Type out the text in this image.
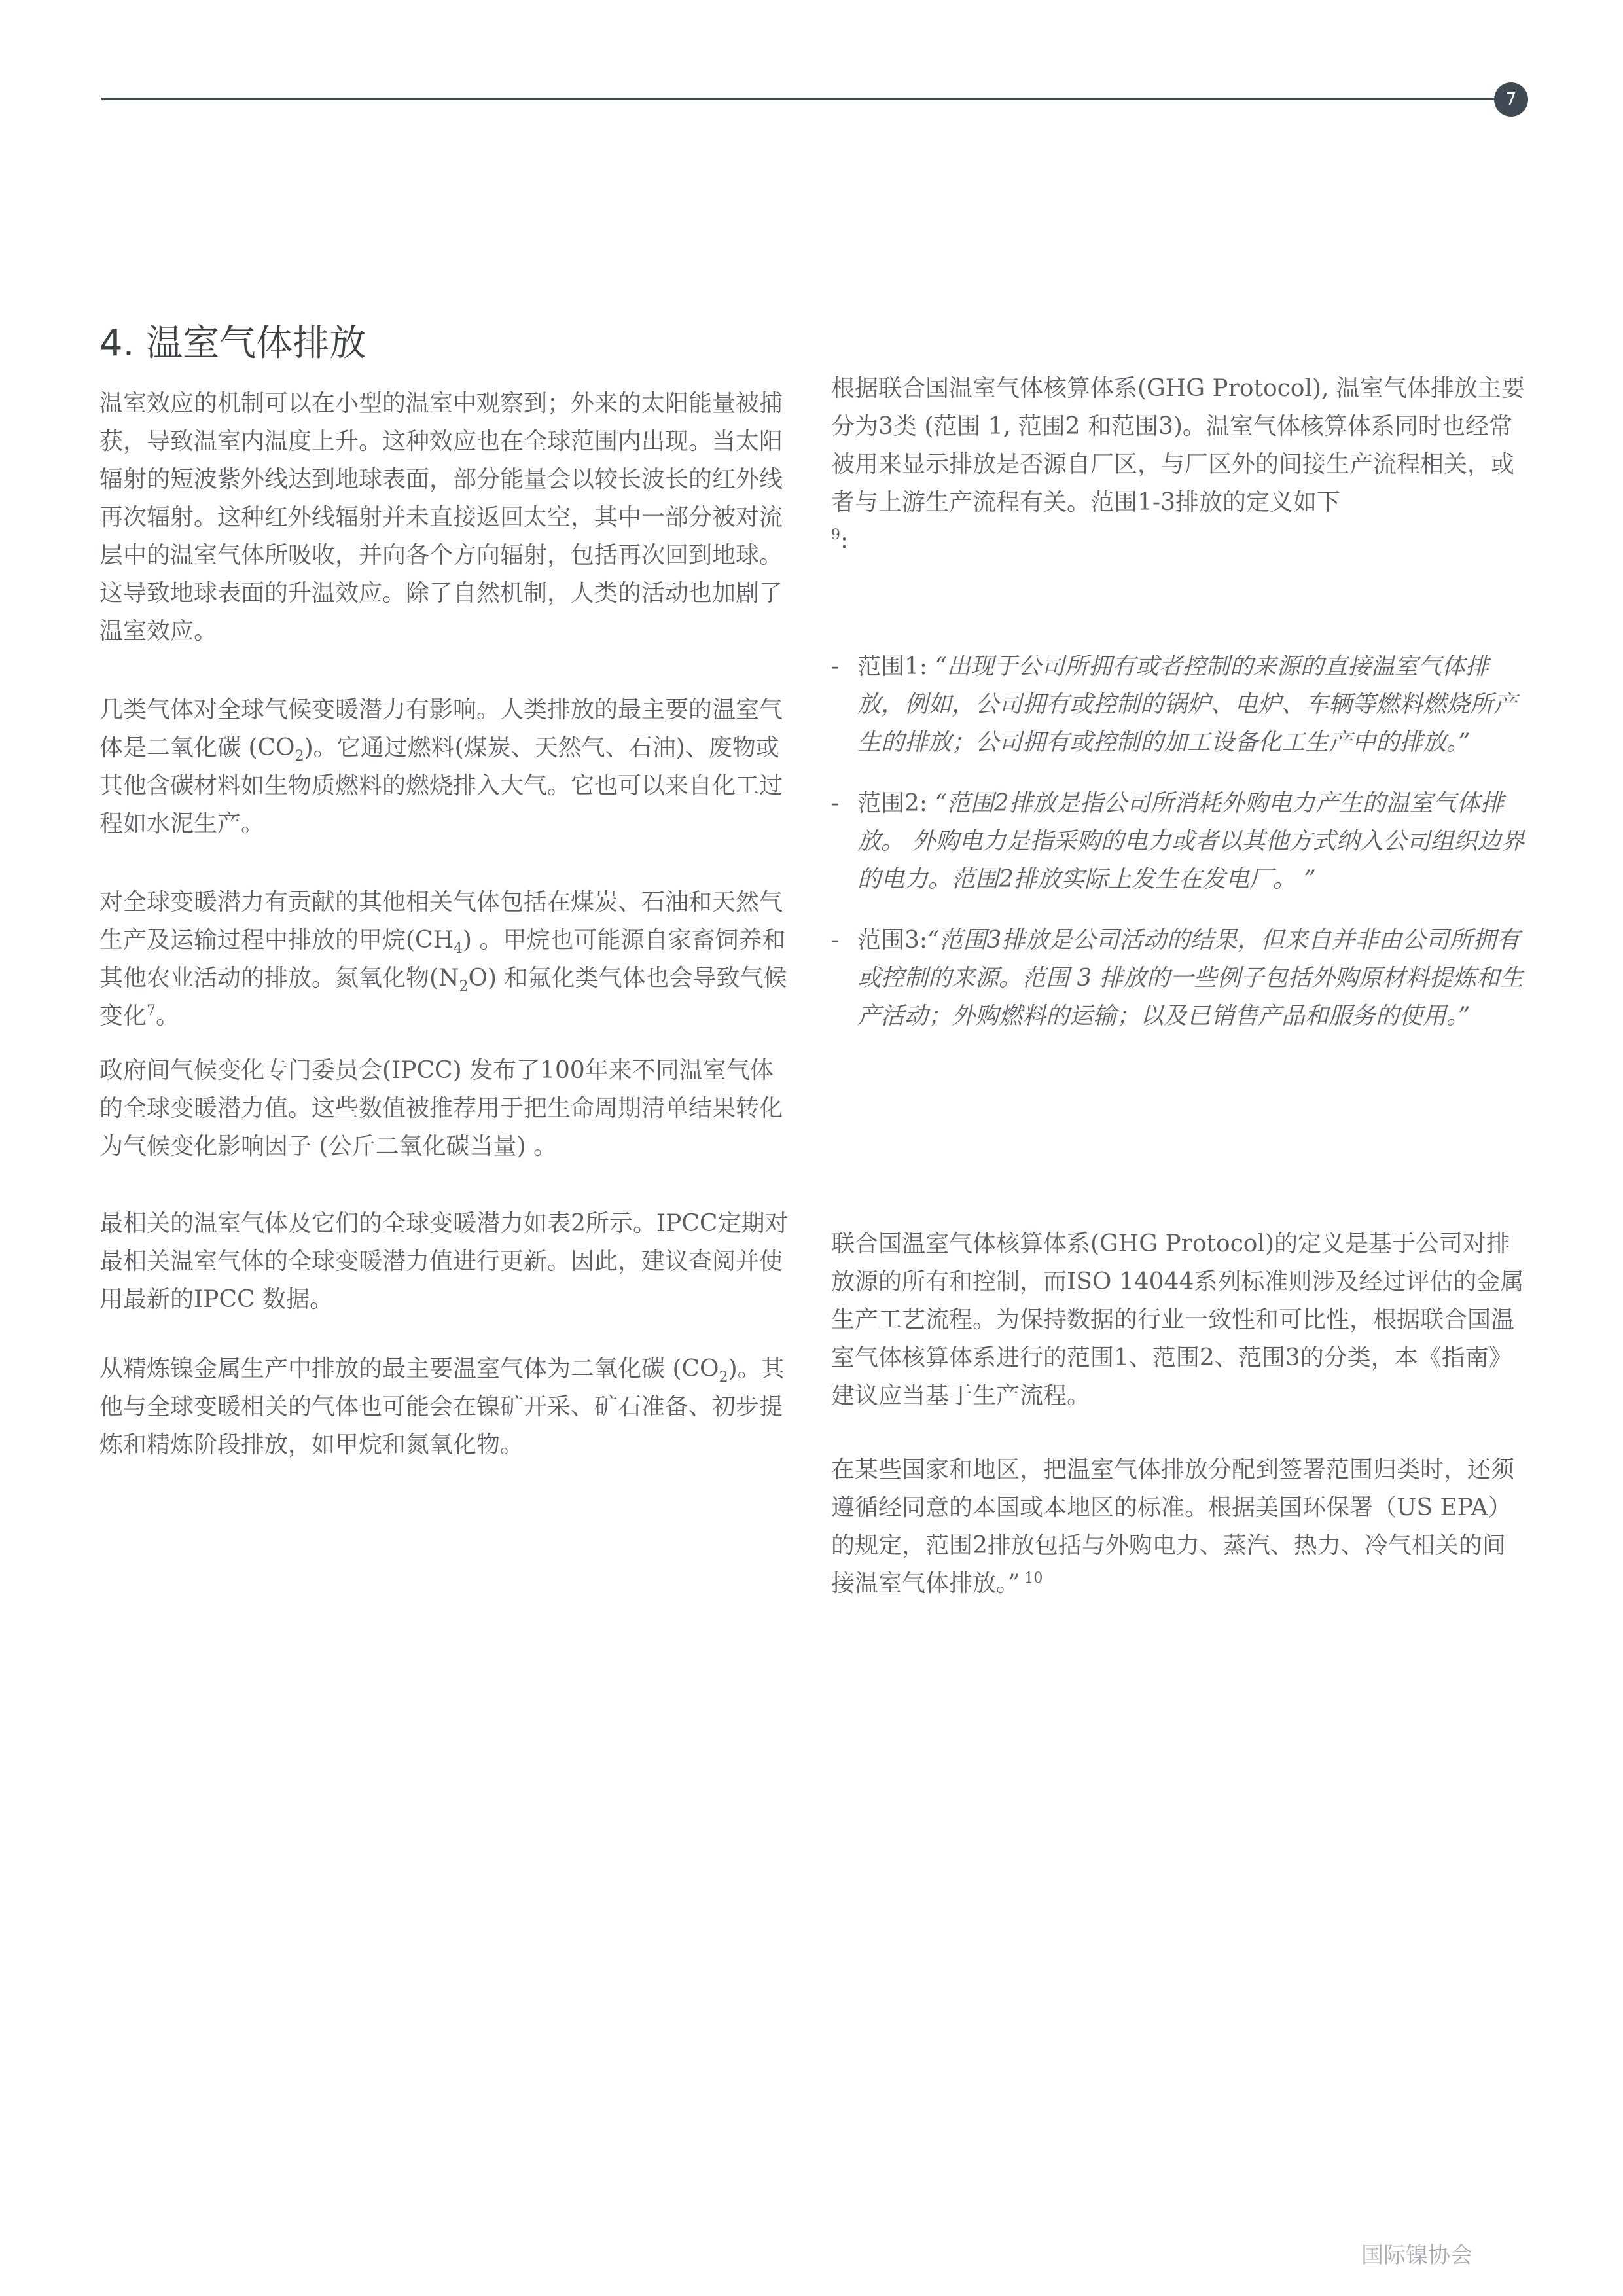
7
4. 温室气体排放

温室效应的机制可以在小型的温室中观察到；外来的太阳能量被捕获，导致温室内温度上升。这种效应也在全球范围内出现。当太阳辐射的短波紫外线达到地球表面，部分能量会以较长波长的红外线再次辐射。这种红外线辐射并未直接返回太空，其中一部分被对流层中的温室气体所吸收，并向各个方向辐射，包括再次回到地球。这导致地球表面的升温效应。除了自然机制，人类的活动也加剧了温室效应。

几类气体对全球气候变暖潜力有影响。人类排放的最主要的温室气体是二氧化碳 $(CO_2)$。它通过燃料(煤炭、天然气、石油)、废物或其他含碳材料如生物质燃料的燃烧排入大气。它也可以来自化工过程如水泥生产。

对全球变暖潜力有贡献的其他相关气体包括在煤炭、石油和天然气生产及运输过程中排放的甲烷$(CH_4)$ 。甲烷也可能源自家畜饲养和其他农业活动的排放。氮氧化物$(N_2O)$ 和氟化类气体也会导致气候变化$^7$。

政府间气候变化专门委员会(IPCC) 发布了100年来不同温室气体的全球变暖潜力值。这些数值被推荐用于把生命周期清单结果转化为气候变化影响因子 (公斤二氧化碳当量) 。

最相关的温室气体及它们的全球变暖潜力如表2所示。IPCC定期对最相关温室气体的全球变暖潜力值进行更新。因此，建议查阅并使用最新的IPCC 数据。

从精炼镍金属生产中排放的最主要温室气体为二氧化碳 $(CO_2)$。其他与全球变暖相关的气体也可能会在镍矿开采、矿石准备、初步提炼和精炼阶段排放，如甲烷和氮氧化物。

根据联合国温室气体核算体系(GHG Protocol), 温室气体排放主要分为3类 (范围 1, 范围2 和范围3)。温室气体核算体系同时也经常被用来显示排放是否源自厂区，与厂区外的间接生产流程相关，或者与上游生产流程有关。范围1-3排放的定义如下
$^9$:

- 范围1: “出现于公司所拥有或者控制的来源的直接温室气体排放，例如，公司拥有或控制的锅炉、电炉、车辆等燃料燃烧所产生的排放；公司拥有或控制的加工设备化工生产中的排放。”

- 范围2: “范围2排放是指公司所消耗外购电力产生的温室气体排放。 外购电力是指采购的电力或者以其他方式纳入公司组织边界的电力。范围2排放实际上发生在发电厂。 ”

- 范围3:“范围3排放是公司活动的结果，但来自并非由公司所拥有或控制的来源。范围 3 排放的一些例子包括外购原材料提炼和生产活动；外购燃料的运输；以及已销售产品和服务的使用。”

联合国温室气体核算体系(GHG Protocol)的定义是基于公司对排放源的所有和控制，而ISO 14044系列标准则涉及经过评估的金属生产工艺流程。为保持数据的行业一致性和可比性，根据联合国温室气体核算体系进行的范围1、范围2、范围3的分类，本《指南》建议应当基于生产流程。

在某些国家和地区，把温室气体排放分配到签署范围归类时，还须遵循经同意的本国或本地区的标准。根据美国环保署（US EPA）的规定，范围2排放包括与外购电力、蒸汽、热力、冷气相关的间接温室气体排放。” $^{10}$

国际镍协会
